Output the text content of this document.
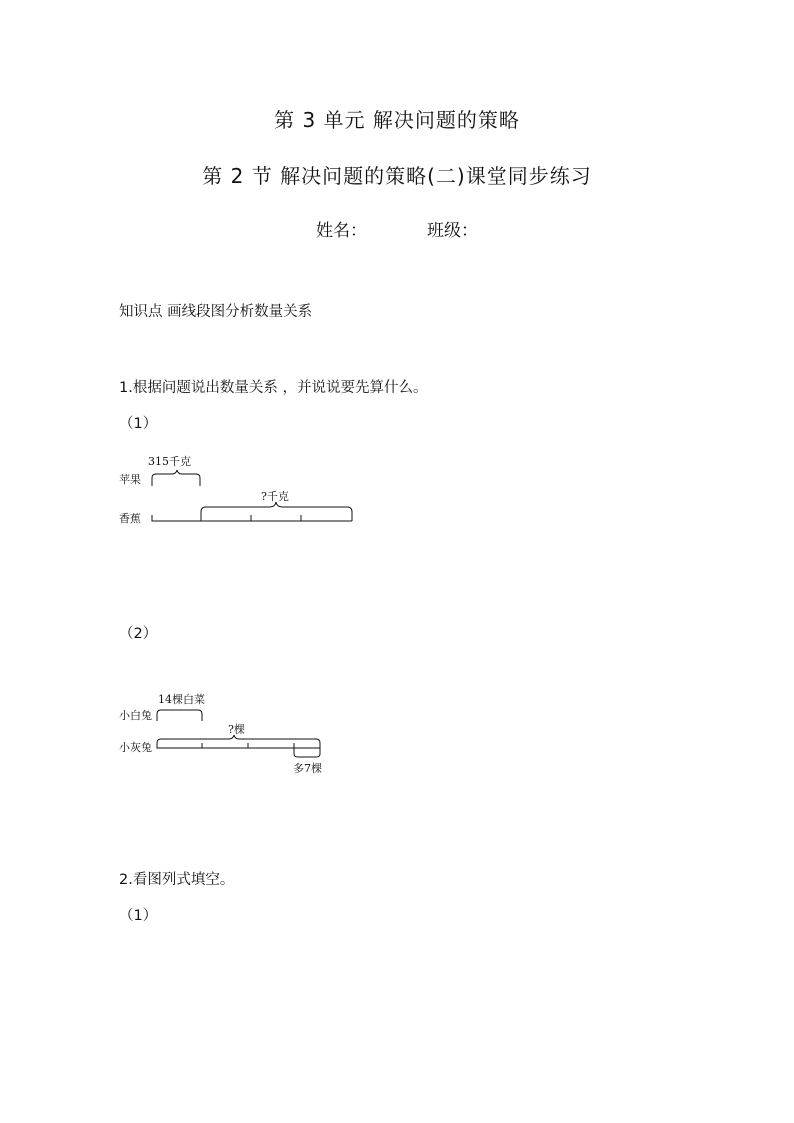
第 3 单元 解决问题的策略
第 2 节 解决问题的策略(二)课堂同步练习
姓名：	班级：
知识点 画线段图分析数量关系
1.根据问题说出数量关系 ，并说说要先算什么。
（1）
315千克
苹果
?千克
香蕉
（2）
14棵白菜
小白兔
?棵
小灰兔
多7棵
2.看图列式填空。
（1）
